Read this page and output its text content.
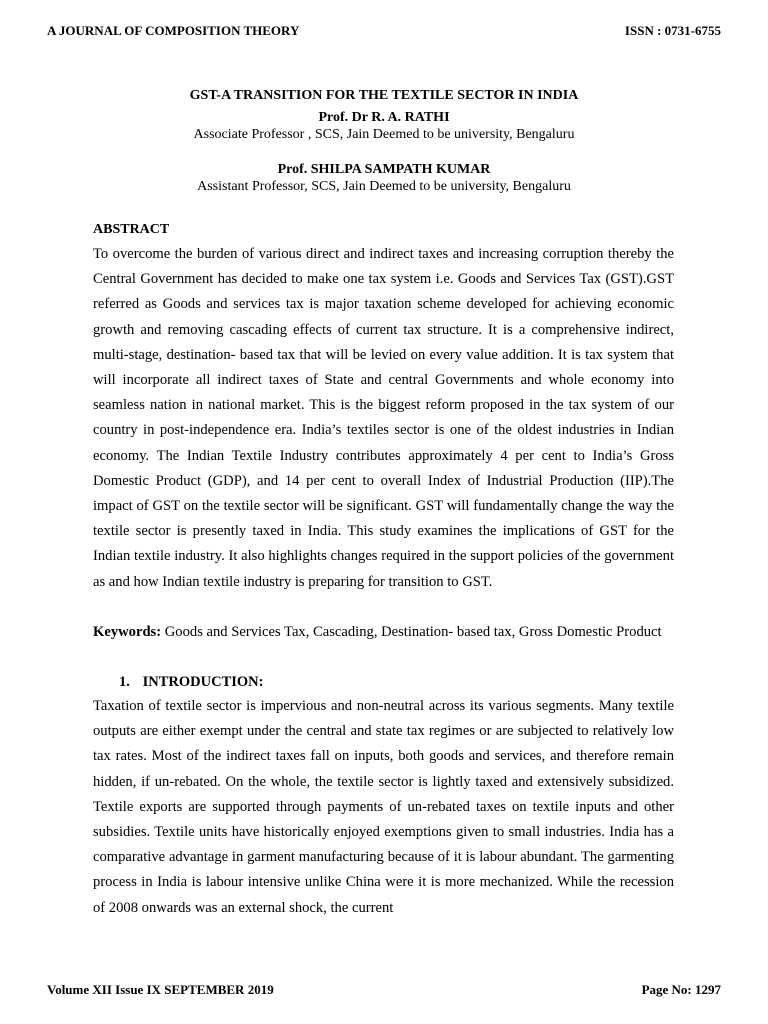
A JOURNAL OF COMPOSITION THEORY	ISSN : 0731-6755
GST-A TRANSITION FOR THE TEXTILE SECTOR IN INDIA
Prof. Dr R. A. RATHI
Associate Professor , SCS, Jain Deemed to be university, Bengaluru
Prof. SHILPA SAMPATH KUMAR
Assistant Professor, SCS, Jain Deemed to be university, Bengaluru
ABSTRACT
To overcome the burden of various direct and indirect taxes and increasing corruption thereby the Central Government has decided to make one tax system i.e. Goods and Services Tax (GST).GST referred as Goods and services tax is major taxation scheme developed for achieving economic growth and removing cascading effects of current tax structure. It is a comprehensive indirect, multi-stage, destination- based tax that will be levied on every value addition. It is tax system that will incorporate all indirect taxes of State and central Governments and whole economy into seamless nation in national market. This is the biggest reform proposed in the tax system of our country in post-independence era. India’s textiles sector is one of the oldest industries in Indian economy. The Indian Textile Industry contributes approximately 4 per cent to India’s Gross Domestic Product (GDP), and 14 per cent to overall Index of Industrial Production (IIP).The impact of GST on the textile sector will be significant. GST will fundamentally change the way the textile sector is presently taxed in India. This study examines the implications of GST for the Indian textile industry. It also highlights changes required in the support policies of the government as and how Indian textile industry is preparing for transition to GST.
Keywords: Goods and Services Tax, Cascading, Destination- based tax, Gross Domestic Product
1. INTRODUCTION:
Taxation of textile sector is impervious and non-neutral across its various segments. Many textile outputs are either exempt under the central and state tax regimes or are subjected to relatively low tax rates. Most of the indirect taxes fall on inputs, both goods and services, and therefore remain hidden, if un-rebated. On the whole, the textile sector is lightly taxed and extensively subsidized. Textile exports are supported through payments of un-rebated taxes on textile inputs and other subsidies. Textile units have historically enjoyed exemptions given to small industries. India has a comparative advantage in garment manufacturing because of it is labour abundant. The garmenting process in India is labour intensive unlike China were it is more mechanized. While the recession of 2008 onwards was an external shock, the current
Volume XII Issue IX SEPTEMBER 2019	Page No: 1297
